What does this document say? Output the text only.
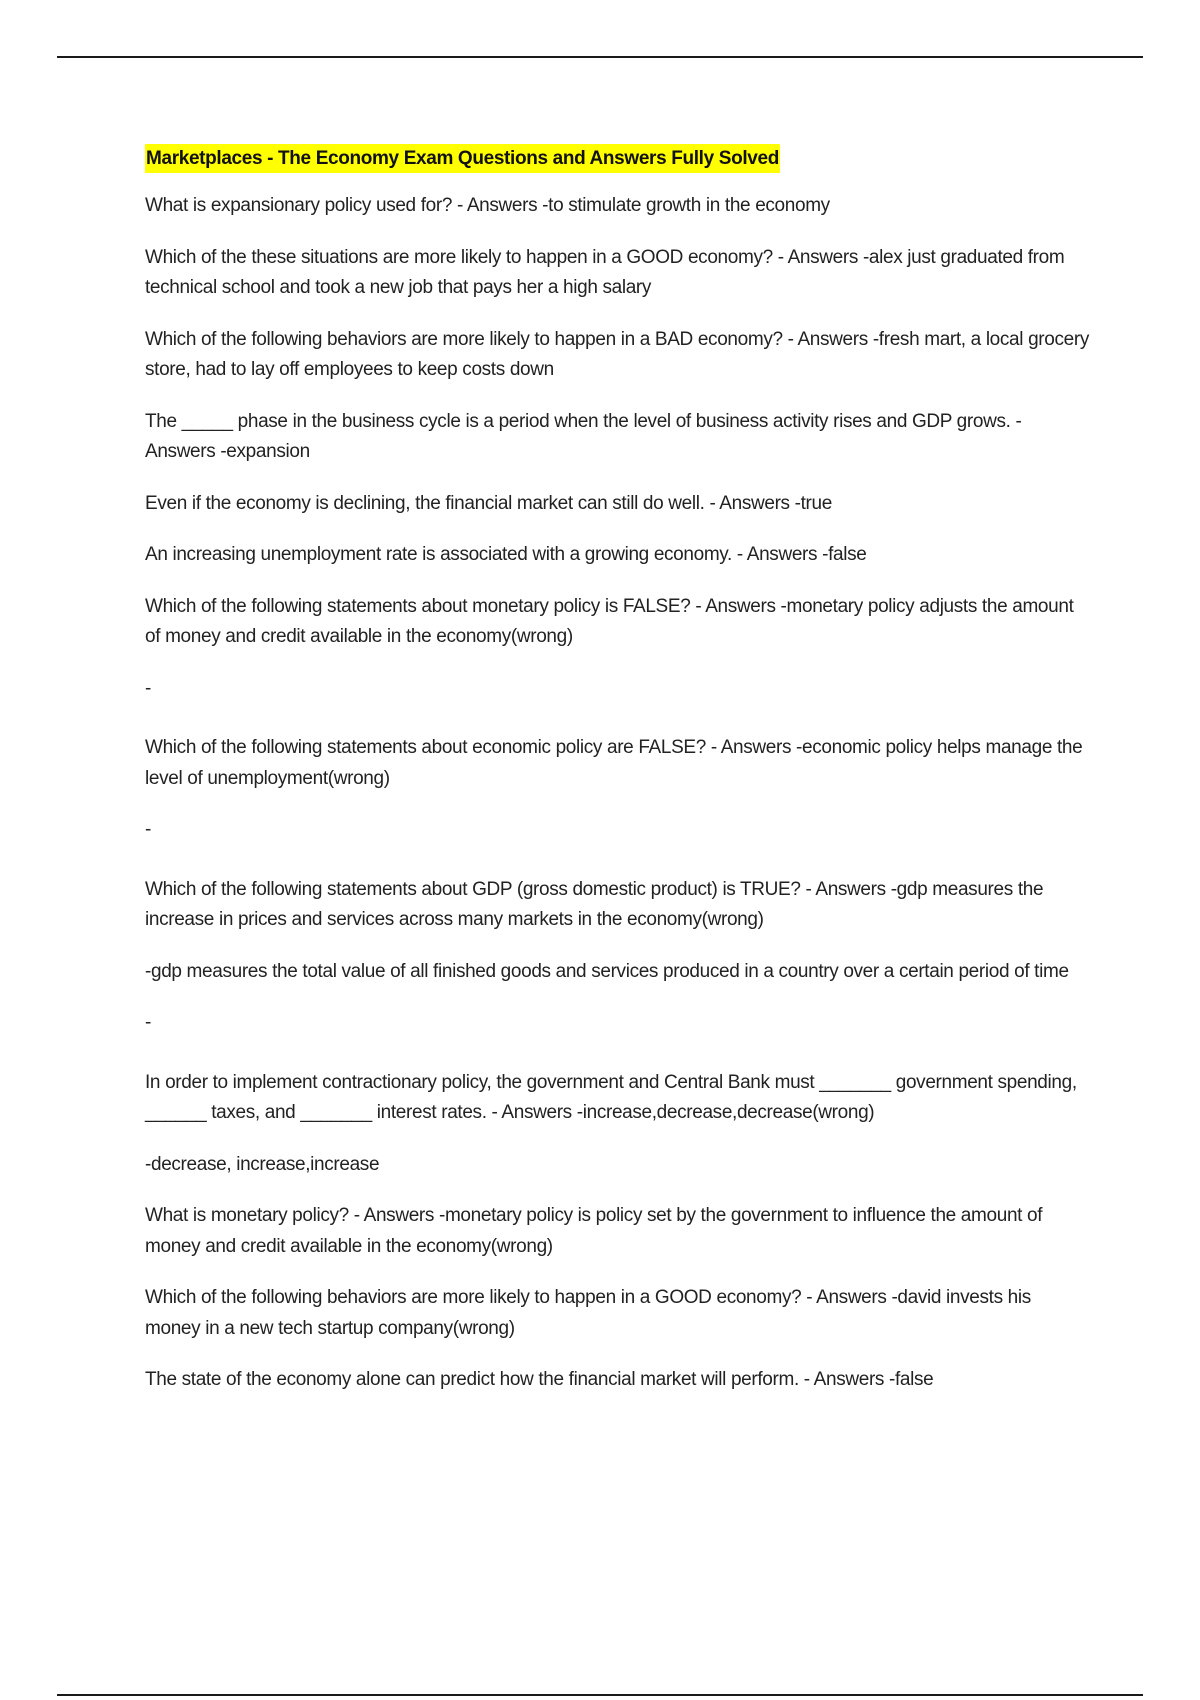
Marketplaces - The Economy Exam Questions and Answers Fully Solved
What is expansionary policy used for? - Answers -to stimulate growth in the economy
Which of the these situations are more likely to happen in a GOOD economy? - Answers -alex just graduated from technical school and took a new job that pays her a high salary
Which of the following behaviors are more likely to happen in a BAD economy? - Answers -fresh mart, a local grocery store, had to lay off employees to keep costs down
The _____ phase in the business cycle is a period when the level of business activity rises and GDP grows. - Answers -expansion
Even if the economy is declining, the financial market can still do well. - Answers -true
An increasing unemployment rate is associated with a growing economy. - Answers -false
Which of the following statements about monetary policy is FALSE? - Answers -monetary policy adjusts the amount of money and credit available in the economy(wrong)
-
Which of the following statements about economic policy are FALSE? - Answers -economic policy helps manage the level of unemployment(wrong)
-
Which of the following statements about GDP (gross domestic product) is TRUE? - Answers -gdp measures the increase in prices and services across many markets in the economy(wrong)
-gdp measures the total value of all finished goods and services produced in a country over a certain period of time
-
In order to implement contractionary policy, the government and Central Bank must _______ government spending, ______ taxes, and _______ interest rates. - Answers -increase,decrease,decrease(wrong)
-decrease, increase,increase
What is monetary policy? - Answers -monetary policy is policy set by the government to influence the amount of money and credit available in the economy(wrong)
Which of the following behaviors are more likely to happen in a GOOD economy? - Answers -david invests his money in a new tech startup company(wrong)
The state of the economy alone can predict how the financial market will perform. - Answers -false
